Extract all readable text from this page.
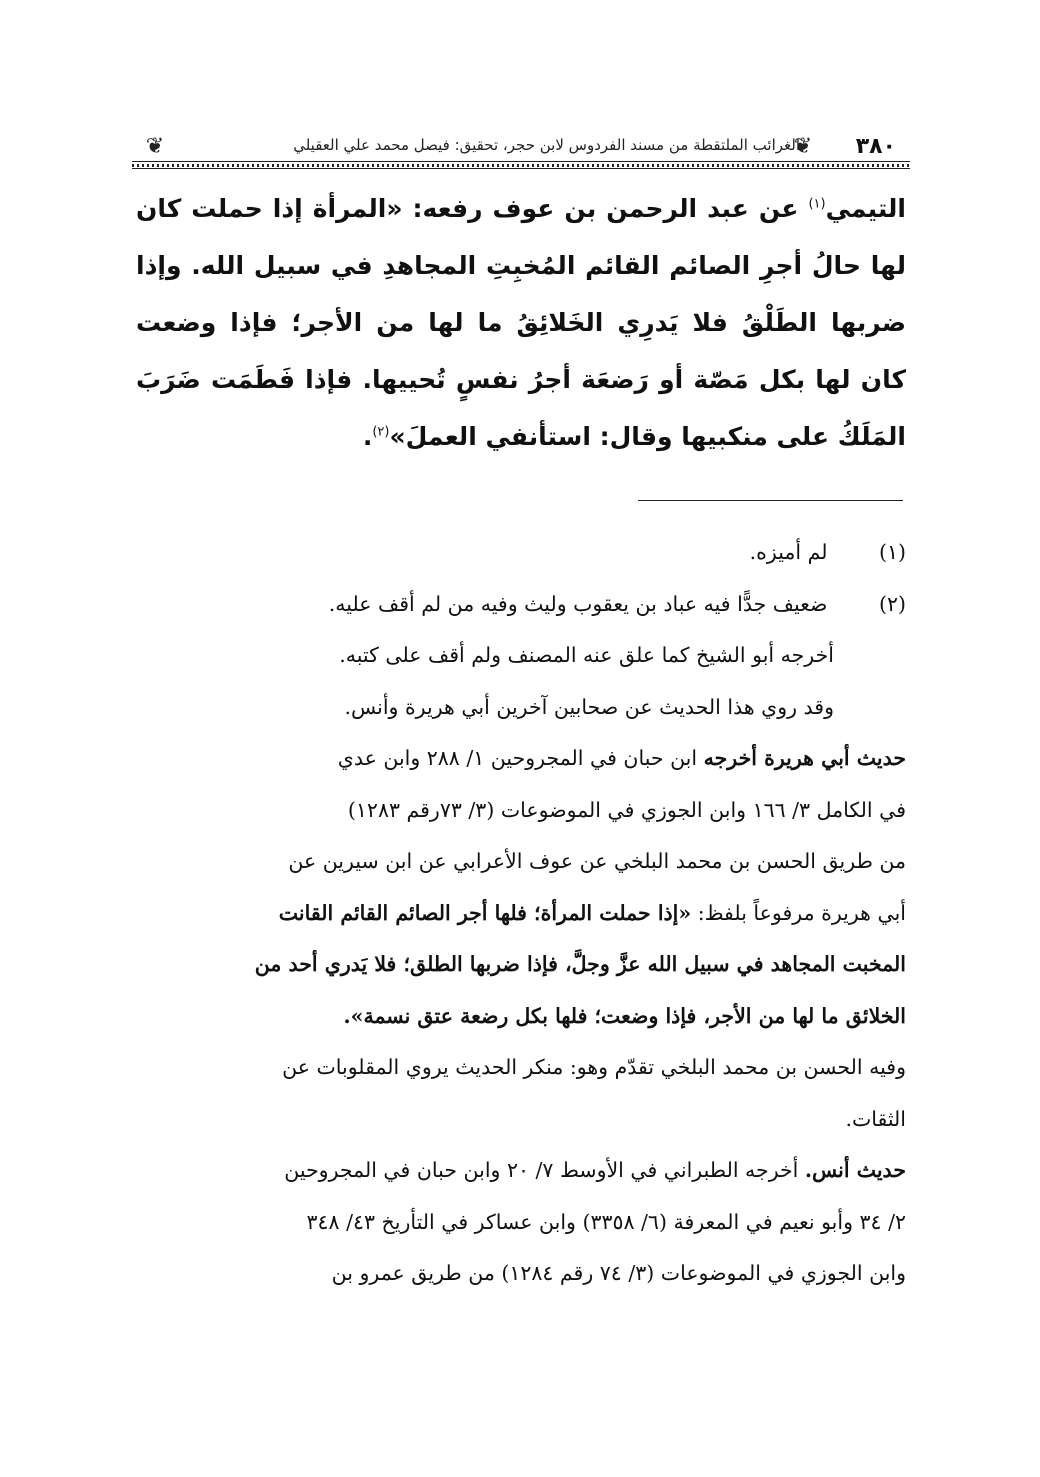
❦ ٣٨٠
الغرائب الملتقطة من مسند الفردوس لابن حجر، تحقيق: فيصل محمد علي العقيلي
❦
التيمي$^{(١)}$ عن عبد الرحمن بن عوف رفعه: «المرأة إذا حملت كان لها حالُ أجرِ الصائم القائم المُخبِتِ المجاهدِ في سبيل الله. وإذا ضربها الطَلْقُ فلا يَدرِي الخَلائِقُ ما لها من الأجر؛ فإذا وضعت كان لها بكل مَصّة أو رَضعَة أجرُ نفسٍ تُحييها. فإذا فَطَمَت ضَرَبَ المَلَكُ على منكبيها وقال: استأنفي العملَ»$^{(٢)}$.
(١) لم أميزه.
(٢) ضعيف جدًّا فيه عباد بن يعقوب وليث وفيه من لم أقف عليه.
أخرجه أبو الشيخ كما علق عنه المصنف ولم أقف على كتبه.
وقد روي هذا الحديث عن صحابين آخرين أبي هريرة وأنس.
حديث أبي هريرة أخرجه ابن حبان في المجروحين ١/ ٢٨٨ وابن عدي
في الكامل ٣/ ١٦٦ وابن الجوزي في الموضوعات (٣/ ٧٣رقم ١٢٨٣)
من طريق الحسن بن محمد البلخي عن عوف الأعرابي عن ابن سيرين عن
أبي هريرة مرفوعاً بلفظ: «إذا حملت المرأة؛ فلها أجر الصائم القائم القانت
المخبت المجاهد في سبيل الله عزَّ وجلَّ، فإذا ضربها الطلق؛ فلا يَدري أحد من
الخلائق ما لها من الأجر، فإذا وضعت؛ فلها بكل رضعة عتق نسمة».
وفيه الحسن بن محمد البلخي تقدّم وهو: منكر الحديث يروي المقلوبات عن
الثقات.
حديث أنس. أخرجه الطبراني في الأوسط ٧/ ٢٠ وابن حبان في المجروحين
٢/ ٣٤ وأبو نعيم في المعرفة (٦/ ٣٣٥٨) وابن عساكر في التأريخ ٤٣/ ٣٤٨
وابن الجوزي في الموضوعات (٣/ ٧٤ رقم ١٢٨٤) من طريق عمرو بن
